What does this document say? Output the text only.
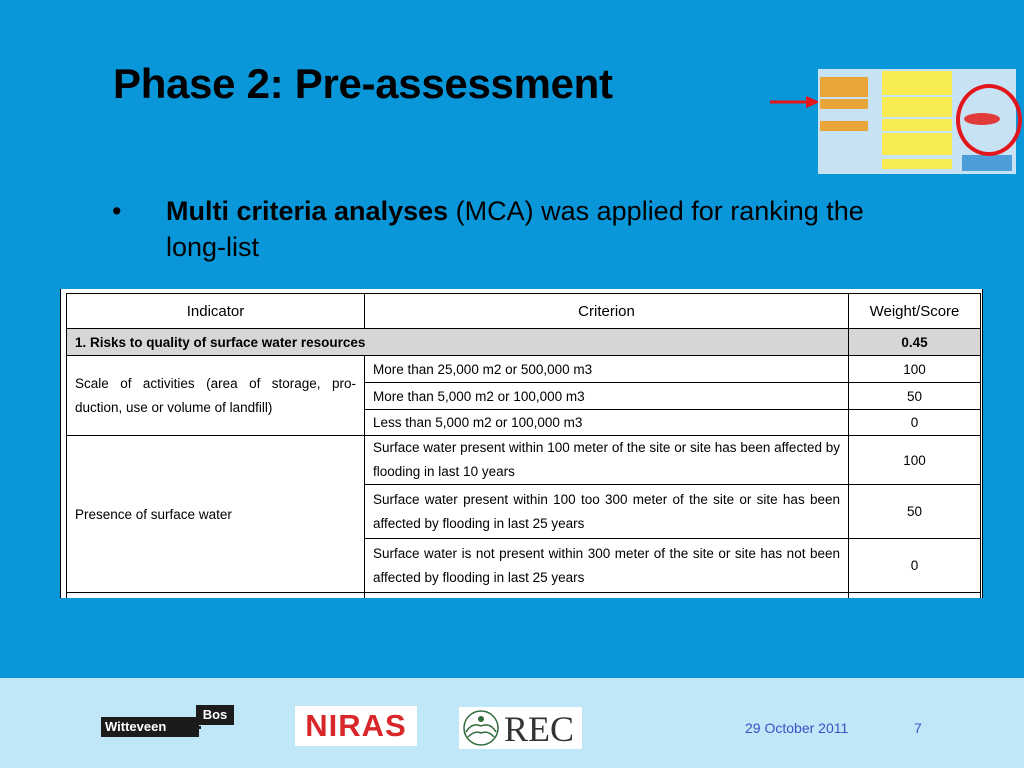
Phase 2: Pre-assessment
• Multi criteria analyses (MCA) was applied for ranking the long-list
Indicator	Criterion	Weight/Score
1. Risks to quality of surface water resources		0.45
Scale of activities (area of storage, pro-duction, use or volume of landfill)	More than 25,000 m2 or 500,000 m3	100
	More than 5,000 m2 or 100,000 m3	50
	Less than 5,000 m2 or 100,000 m3	0
Presence of surface water	Surface water present within 100 meter of the site or site has been affected by flooding in last 10 years	100
	Surface water present within 100 too 300 meter of the site or site has been affected by flooding in last 25 years	50
	Surface water is not present within 300 meter of the site or site has not been affected by flooding in last 25 years	0

Witteveen
Bos	NIRAS	REC	29 October 2011	7
